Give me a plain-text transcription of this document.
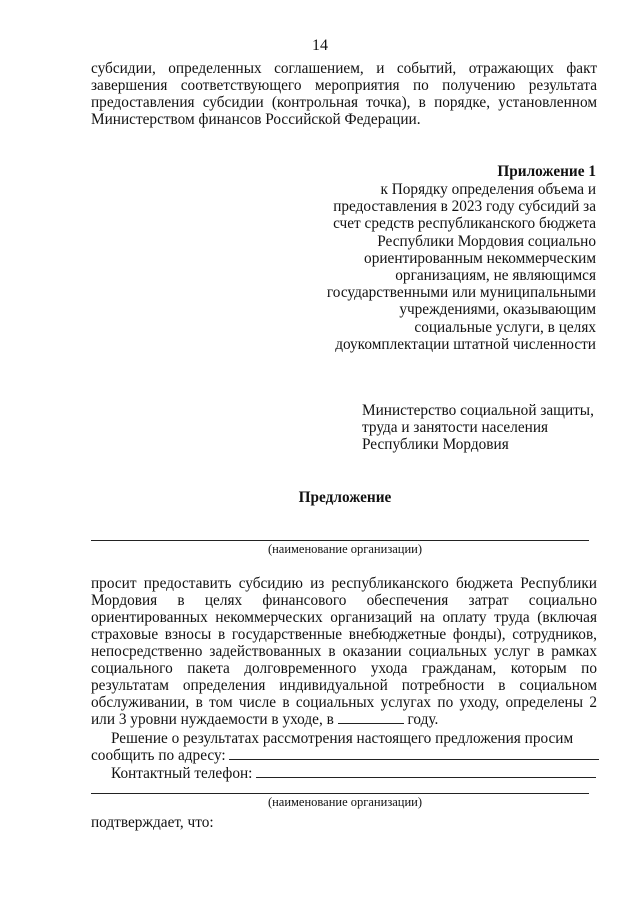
14
субсидии, определенных соглашением, и событий, отражающих факт завершения соответствующего мероприятия по получению результата предоставления субсидии (контрольная точка), в порядке, установленном Министерством финансов Российской Федерации.
Приложение 1
к Порядку определения объема и предоставления в 2023 году субсидий за счет средств республиканского бюджета Республики Мордовия социально ориентированным некоммерческим организациям, не являющимся государственными или муниципальными учреждениями, оказывающим социальные услуги, в целях доукомплектации штатной численности
Министерство социальной защиты, труда и занятости населения Республики Мордовия
Предложение
(наименование организации)
просит предоставить субсидию из республиканского бюджета Республики Мордовия в целях финансового обеспечения затрат социально ориентированных некоммерческих организаций на оплату труда (включая страховые взносы в государственные внебюджетные фонды), сотрудников, непосредственно задействованных в оказании социальных услуг в рамках социального пакета долговременного ухода гражданам, которым по результатам определения индивидуальной потребности в социальном обслуживании, в том числе в социальных услугах по уходу, определены 2 или 3 уровни нуждаемости в уходе, в	году.
Решение о результатах рассмотрения настоящего предложения просим
сообщить по адресу:
Контактный телефон:
(наименование организации)
подтверждает, что:
